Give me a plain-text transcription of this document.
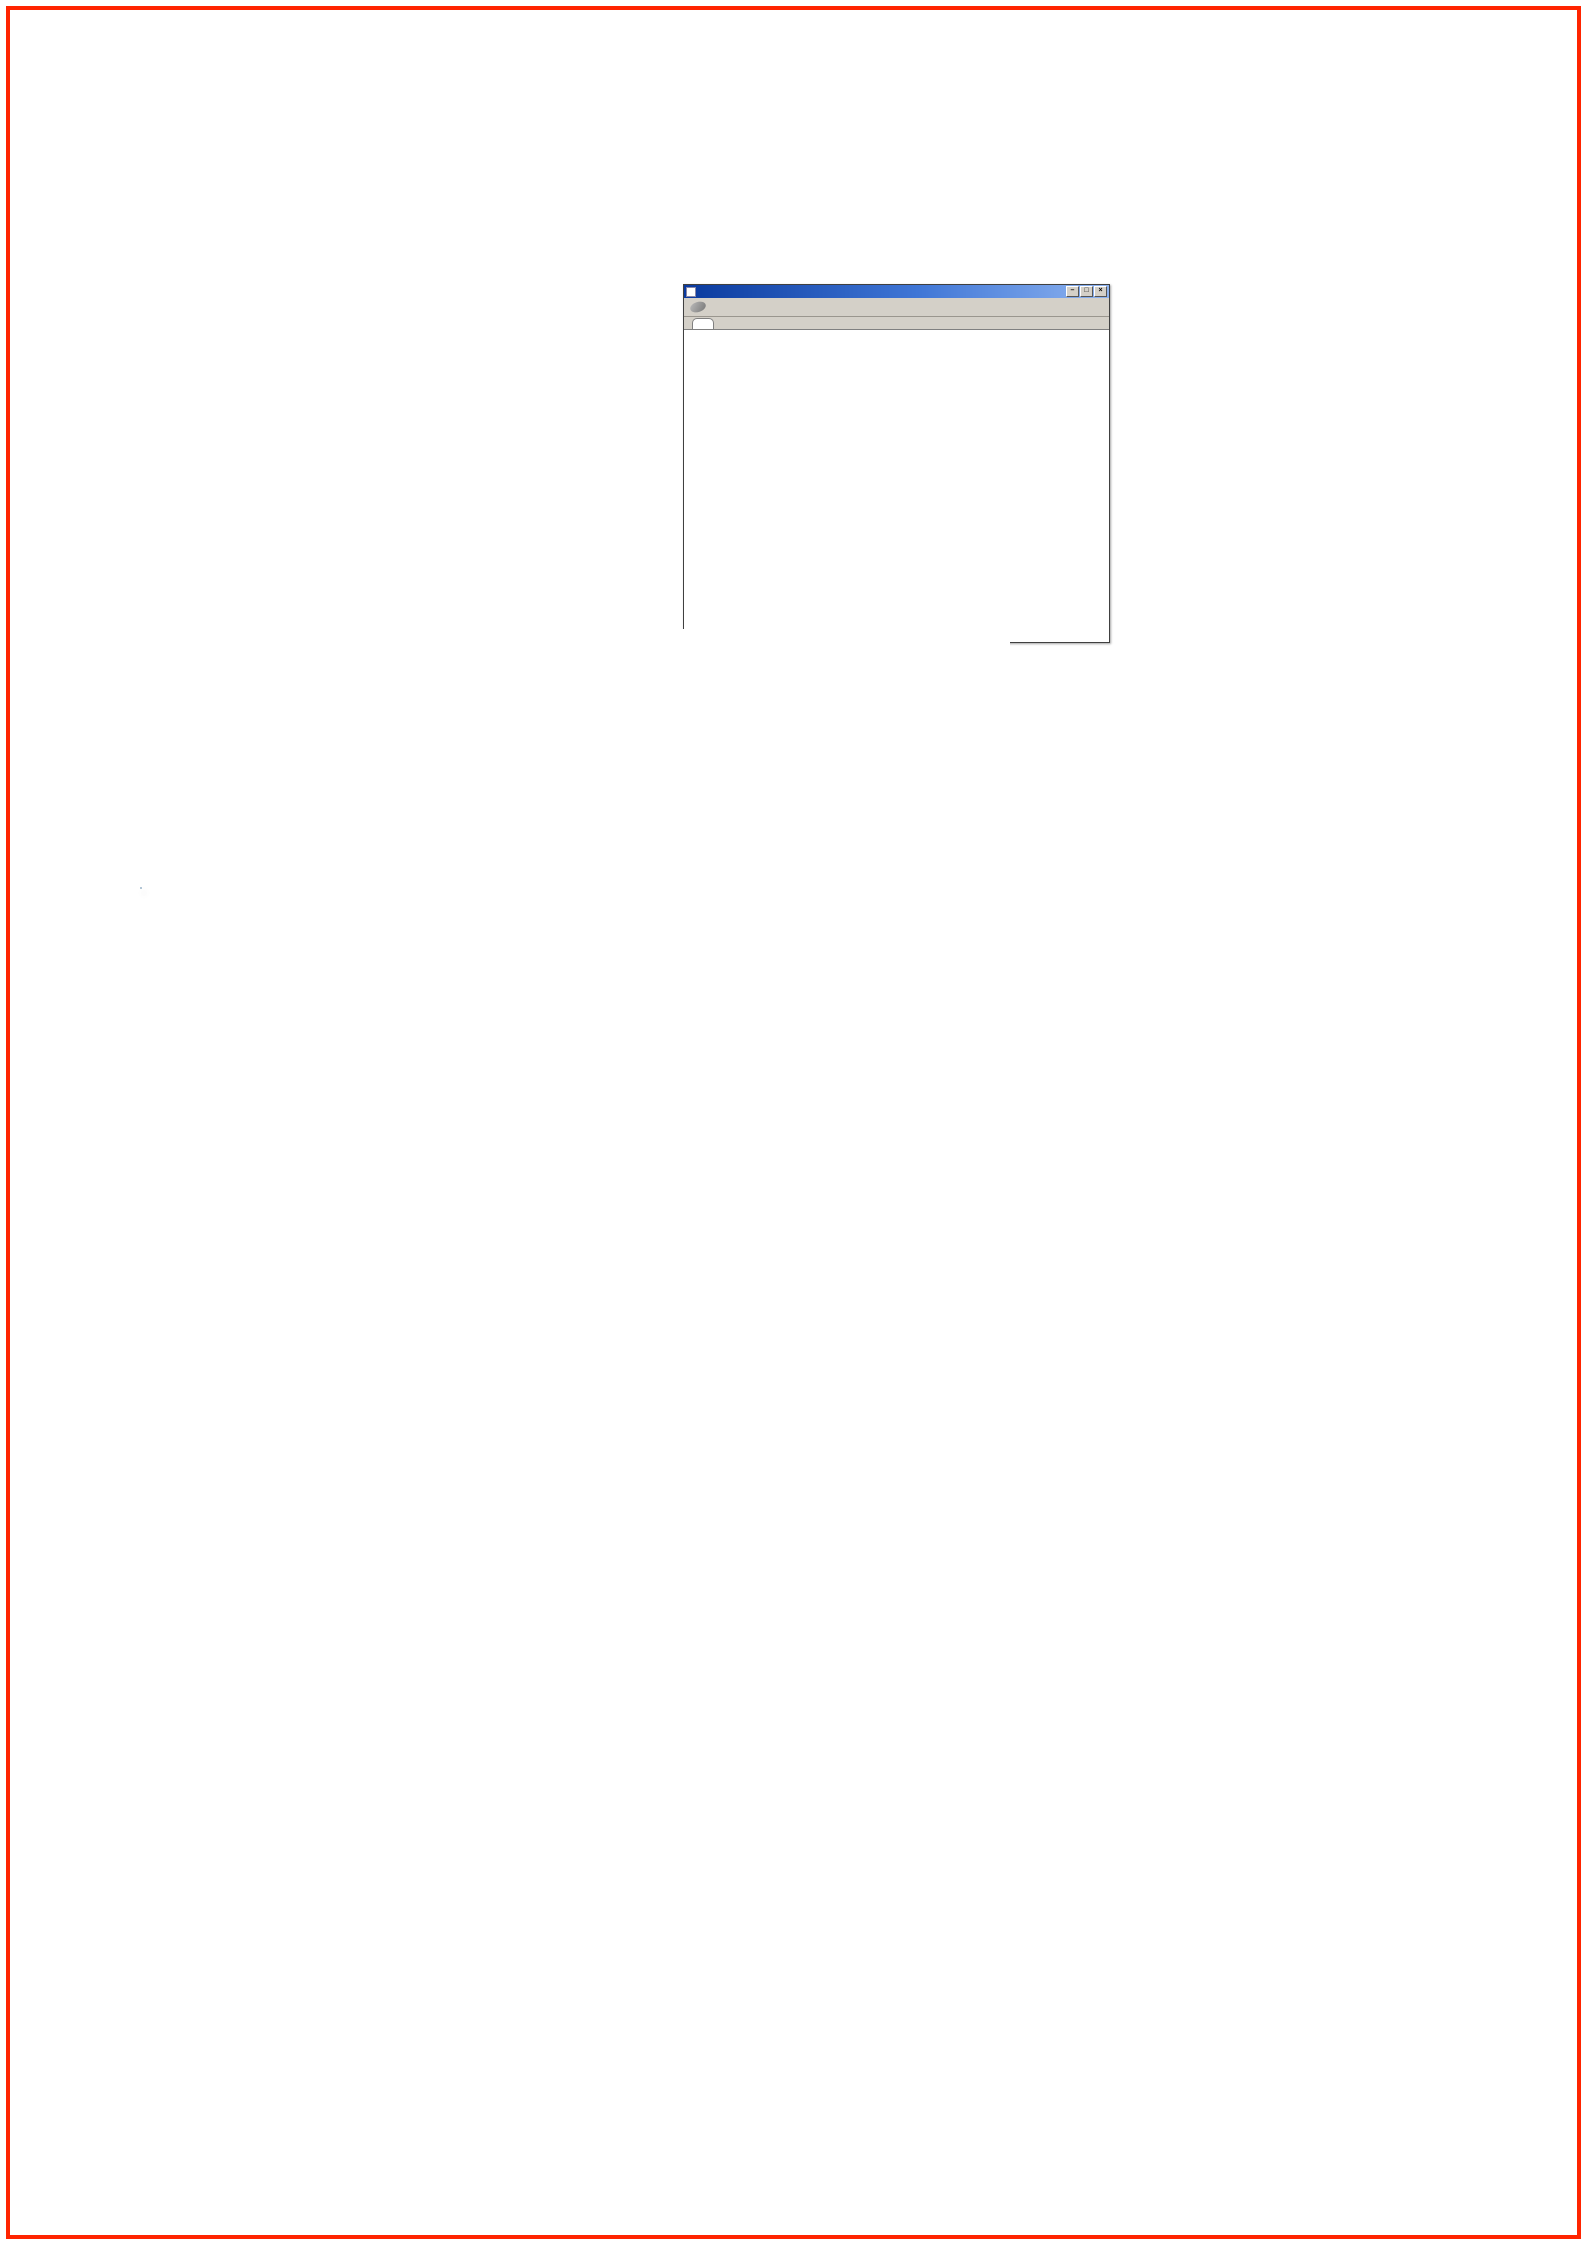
–	□	×
